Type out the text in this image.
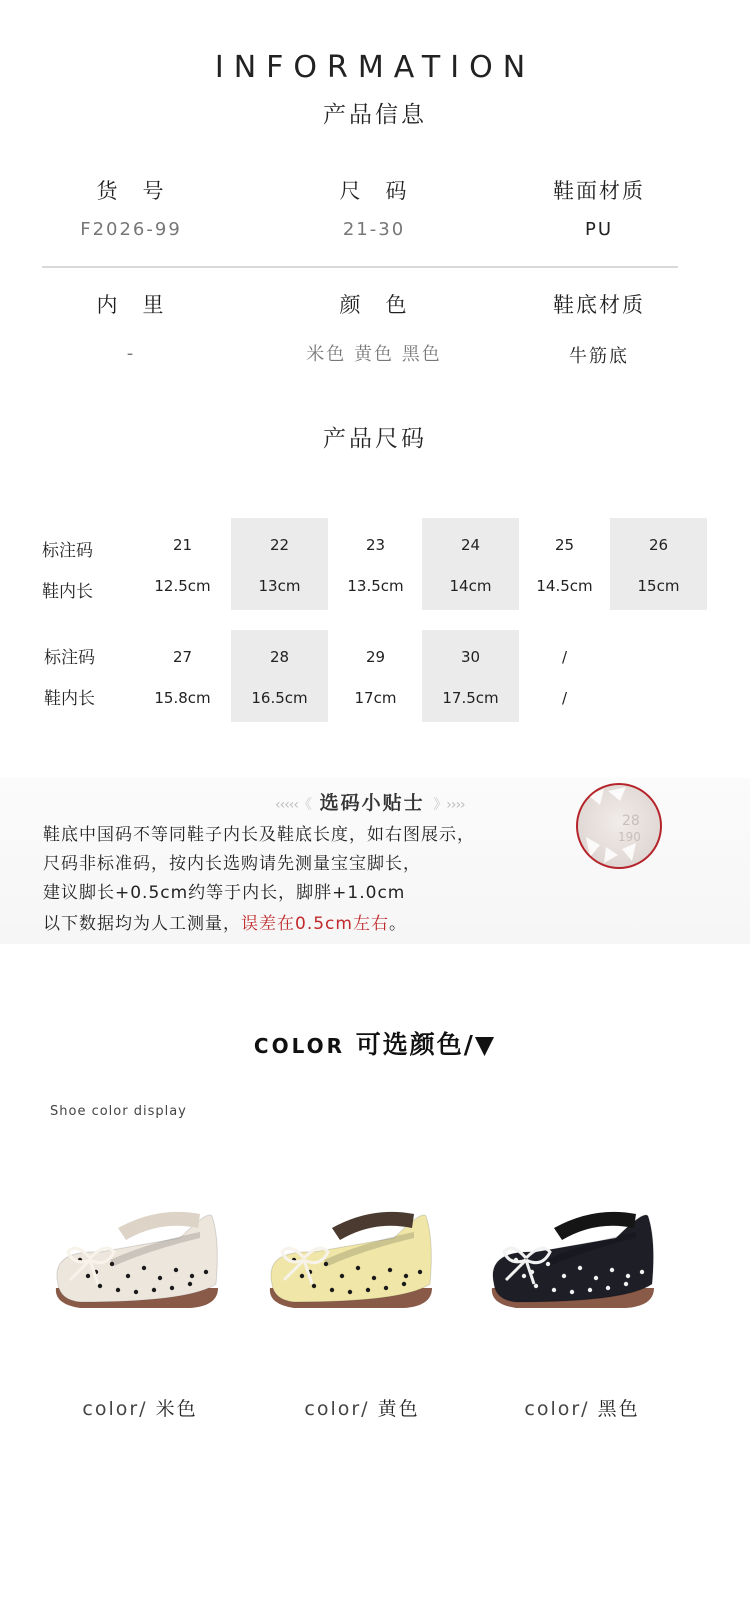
INFORMATION
产品信息
货　号
F2026-99
尺　码
21-30
鞋面材质
PU
内　里
-
颜　色
米色 黄色 黑色
鞋底材质
牛筋底
产品尺码
标注码
鞋内长
21
12.5cm
22
13cm
23
13.5cm
24
14cm
25
14.5cm
26
15cm
标注码
鞋内长
27
15.8cm
28
16.5cm
29
17cm
30
17.5cm
/
/
‹‹‹‹‹《 选码小贴士 》››››
鞋底中国码不等同鞋子内长及鞋底长度，如右图展示，
尺码非标准码，按内长选购请先测量宝宝脚长，
建议脚长+0.5cm约等于内长，脚胖+1.0cm
以下数据均为人工测量，误差在0.5cm左右。
28
190
COLOR 可选颜色/▼
Shoe color display
color/ 米色	color/ 黄色	color/ 黑色
